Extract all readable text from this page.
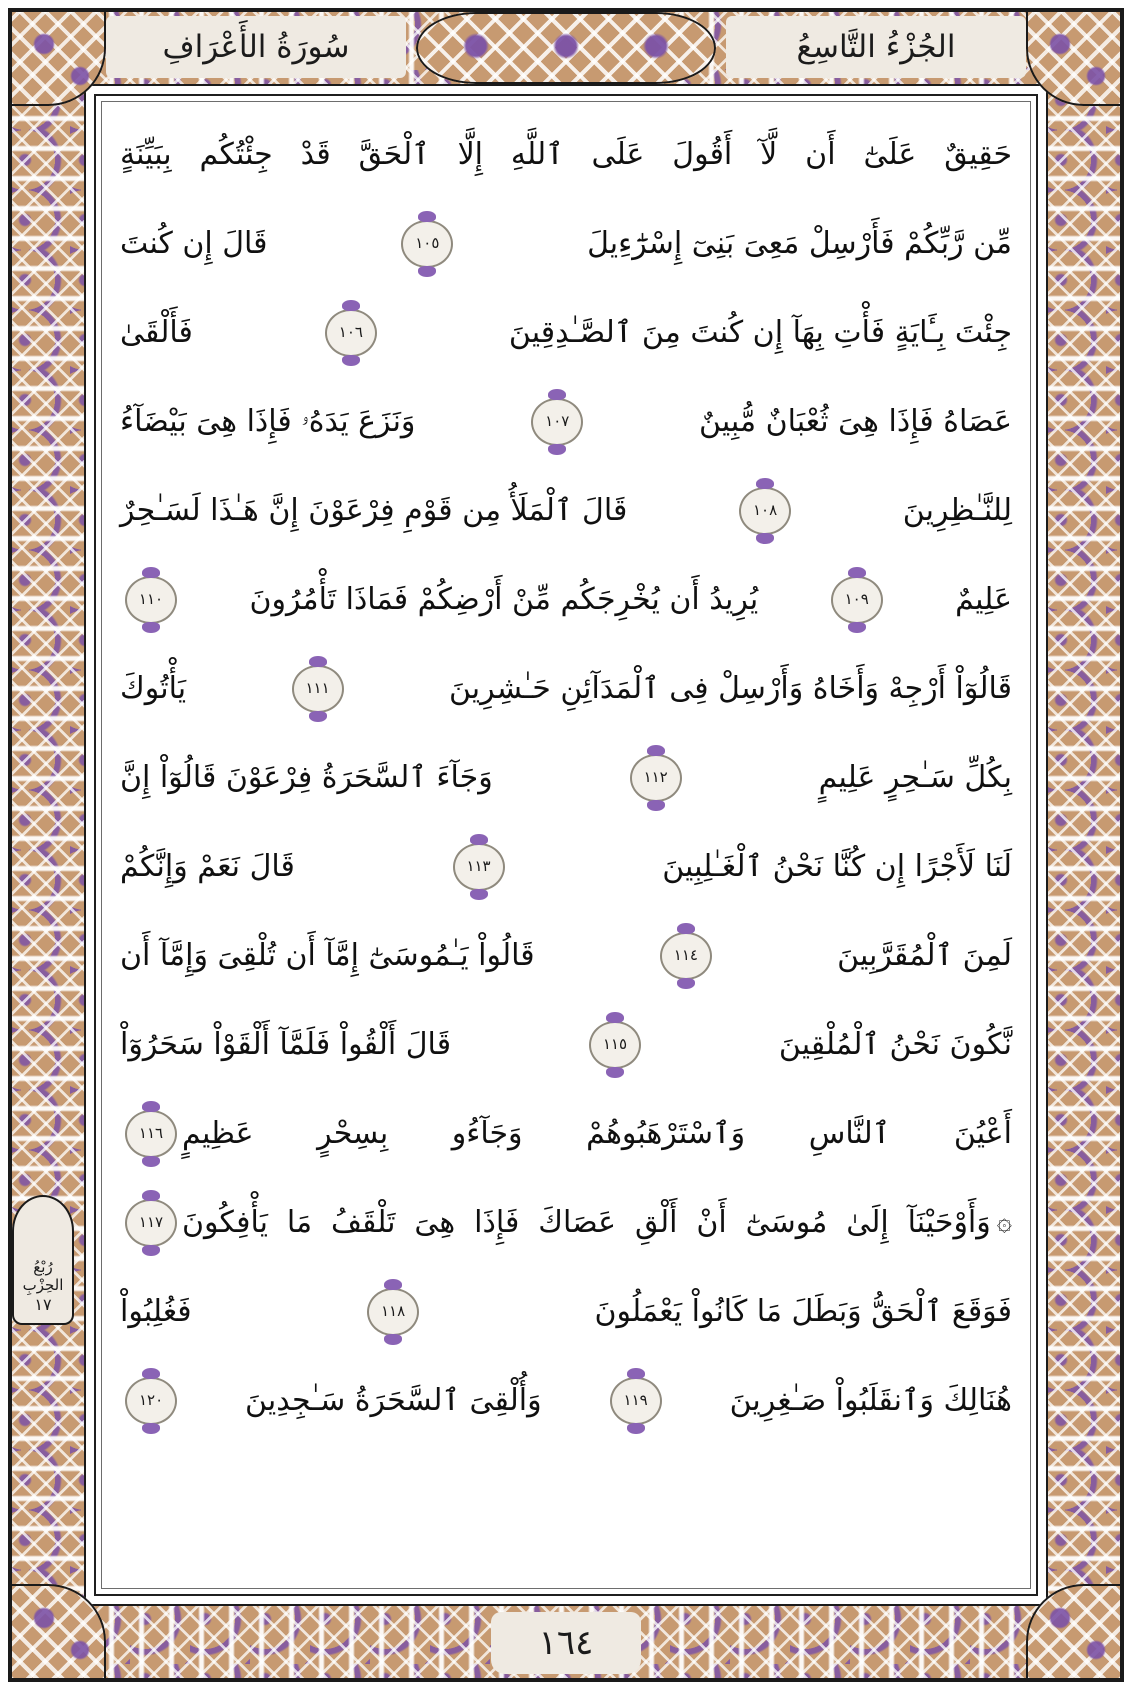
الجُزْءُ التَّاسِعُ
سُورَةُ الأَعْرَافِ
رُبْعُ
الحِزْبِ
١٧
حَقِيقٌ عَلَىٰٓ أَن لَّآ أَقُولَ عَلَى ٱللَّهِ إِلَّا ٱلْحَقَّ قَدْ جِئْتُكُم بِبَيِّنَةٍ
مِّن رَّبِّكُمْ فَأَرْسِلْ مَعِىَ بَنِىٓ إِسْرَٰٓءِيلَ
١٠٥
قَالَ إِن كُنتَ
جِئْتَ بِـَٔايَةٍ فَأْتِ بِهَآ إِن كُنتَ مِنَ ٱلصَّـٰدِقِينَ
١٠٦
فَأَلْقَىٰ
عَصَاهُ فَإِذَا هِىَ ثُعْبَانٌ مُّبِينٌ
١٠٧
وَنَزَعَ يَدَهُۥ فَإِذَا هِىَ بَيْضَآءُ
لِلنَّـٰظِرِينَ
١٠٨
قَالَ ٱلْمَلَأُ مِن قَوْمِ فِرْعَوْنَ إِنَّ هَـٰذَا لَسَـٰحِرٌ
عَلِيمٌ
١٠٩
يُرِيدُ أَن يُخْرِجَكُم مِّنْ أَرْضِكُمْ فَمَاذَا تَأْمُرُونَ
١١٠
قَالُوٓاْ أَرْجِهْ وَأَخَاهُ وَأَرْسِلْ فِى ٱلْمَدَآئِنِ حَـٰشِرِينَ
١١١
يَأْتُوكَ
بِكُلِّ سَـٰحِرٍ عَلِيمٍ
١١٢
وَجَآءَ ٱلسَّحَرَةُ فِرْعَوْنَ قَالُوٓاْ إِنَّ
لَنَا لَأَجْرًا إِن كُنَّا نَحْنُ ٱلْغَـٰلِبِينَ
١١٣
قَالَ نَعَمْ وَإِنَّكُمْ
لَمِنَ ٱلْمُقَرَّبِينَ
١١٤
قَالُواْ يَـٰمُوسَىٰٓ إِمَّآ أَن تُلْقِىَ وَإِمَّآ أَن
نَّكُونَ نَحْنُ ٱلْمُلْقِينَ
١١٥
قَالَ أَلْقُواْ فَلَمَّآ أَلْقَوْاْ سَحَرُوٓاْ
أَعْيُنَ ٱلنَّاسِ وَٱسْتَرْهَبُوهُمْ وَجَآءُو بِسِحْرٍ عَظِيمٍ
١١٦
۞
وَأَوْحَيْنَآ إِلَىٰ مُوسَىٰٓ أَنْ أَلْقِ عَصَاكَ فَإِذَا هِىَ تَلْقَفُ مَا يَأْفِكُونَ
١١٧
فَوَقَعَ ٱلْحَقُّ وَبَطَلَ مَا كَانُواْ يَعْمَلُونَ
١١٨
فَغُلِبُواْ
هُنَالِكَ وَٱنقَلَبُواْ صَـٰغِرِينَ
١١٩
وَأُلْقِىَ ٱلسَّحَرَةُ سَـٰجِدِينَ
١٢٠
١٦٤
